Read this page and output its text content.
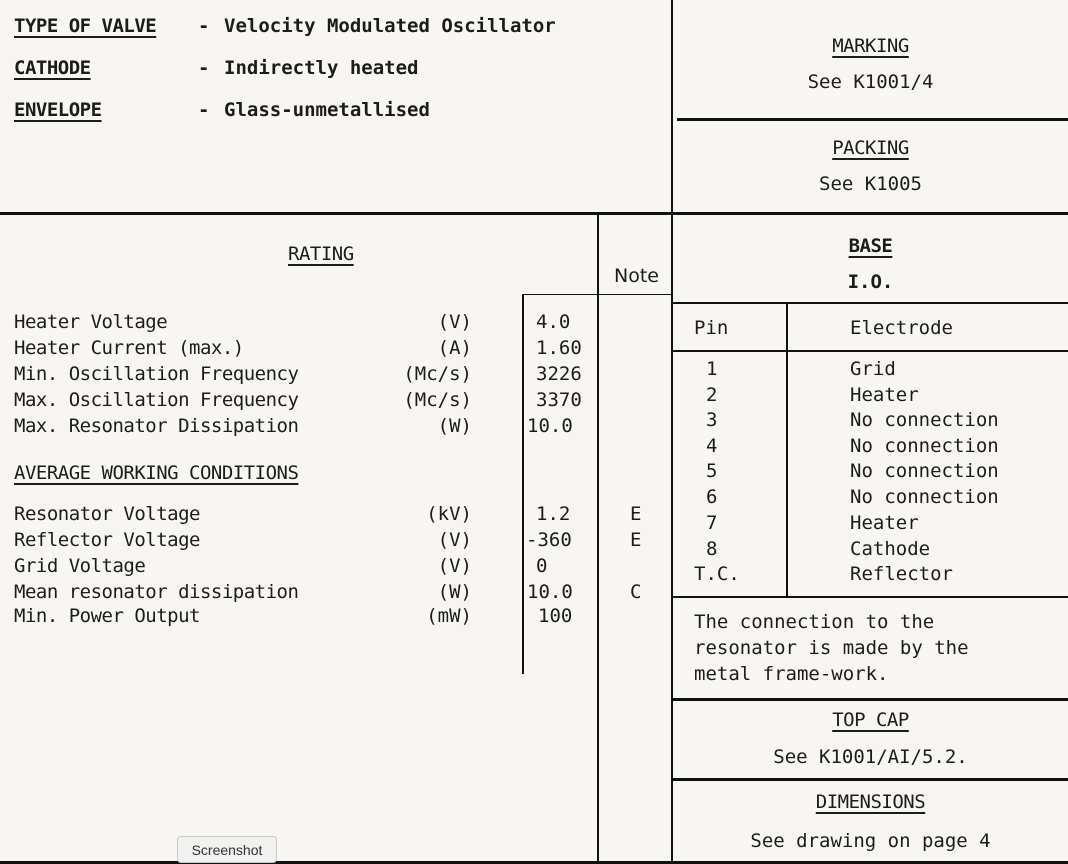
TYPE OF VALVE - Velocity Modulated Oscillator
CATHODE	- Indirectly heated
ENVELOPE	- Glass-unmetallised
MARKING
See K1001/4
PACKING
See K1005
RATING
Note
Heater Voltage	(V)	4.0
Heater Current (max.)	(A)	1.60
Min. Oscillation Frequency	(Mc/s)	3226
Max. Oscillation Frequency	(Mc/s)	3370
Max. Resonator Dissipation	(W)	10.0
AVERAGE WORKING CONDITIONS
Resonator Voltage	(kV)	1.2	E
Reflector Voltage	(V)	-360	E
Grid Voltage	(V)	0
Mean resonator dissipation	(W)	10.0	C
Min. Power Output	(mW)	100
BASE
I.O.
Pin	Electrode
1	Grid
2	Heater
3	No connection
4	No connection
5	No connection
6	No connection
7	Heater
8	Cathode
T.C.	Reflector
The connection to the
resonator is made by the
metal frame-work.
TOP CAP
See K1001/AI/5.2.
DIMENSIONS
See drawing on page 4
Screenshot
